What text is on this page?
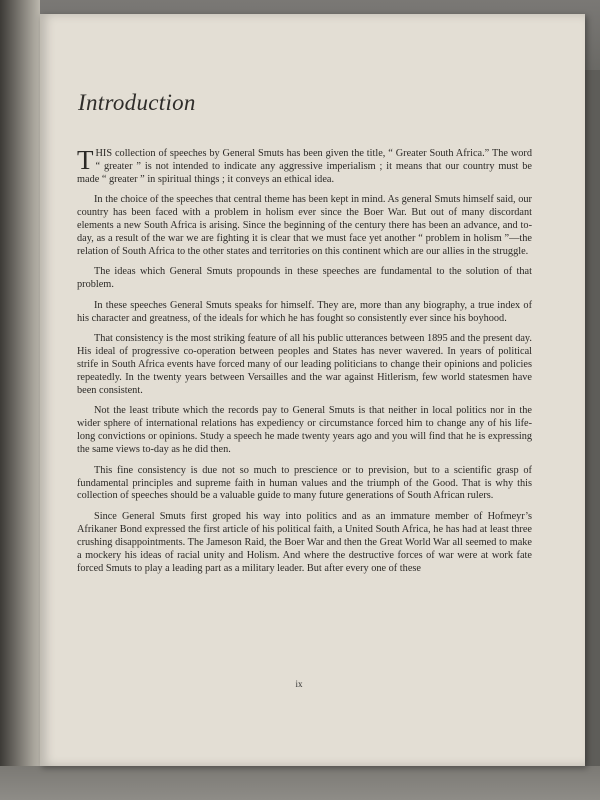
Introduction

THIS collection of speeches by General Smuts has been given the title, “ Greater South Africa.” The word “ greater ” is not intended to indicate any aggressive imperialism ; it means that our country must be made “ greater ” in spiritual things ; it conveys an ethical idea.

In the choice of the speeches that central theme has been kept in mind. As general Smuts himself said, our country has been faced with a problem in holism ever since the Boer War. But out of many discordant elements a new South Africa is arising. Since the beginning of the century there has been an advance, and to-day, as a result of the war we are fighting it is clear that we must face yet another “ problem in holism ”—the relation of South Africa to the other states and territories on this continent which are our allies in the struggle.

The ideas which General Smuts propounds in these speeches are fundamental to the solution of that problem.

In these speeches General Smuts speaks for himself. They are, more than any biography, a true index of his character and greatness, of the ideals for which he has fought so consistently ever since his boyhood.

That consistency is the most striking feature of all his public utterances between 1895 and the present day. His ideal of progressive co-operation between peoples and States has never wavered. In years of political strife in South Africa events have forced many of our leading politicians to change their opinions and policies repeatedly. In the twenty years between Versailles and the war against Hitlerism, few world statesmen have been consistent.

Not the least tribute which the records pay to General Smuts is that neither in local politics nor in the wider sphere of international relations has expediency or circumstance forced him to change any of his life-long convictions or opinions. Study a speech he made twenty years ago and you will find that he is expressing the same views to-day as he did then.

This fine consistency is due not so much to prescience or to prevision, but to a scientific grasp of fundamental principles and supreme faith in human values and the triumph of the Good. That is why this collection of speeches should be a valuable guide to many future generations of South African rulers.

Since General Smuts first groped his way into politics and as an immature member of Hofmeyr’s Afrikaner Bond expressed the first article of his political faith, a United South Africa, he has had at least three crushing disappointments. The Jameson Raid, the Boer War and then the Great World War all seemed to make a mockery his ideas of racial unity and Holism. And where the destructive forces of war were at work fate forced Smuts to play a leading part as a military leader. But after every one of these

ix
